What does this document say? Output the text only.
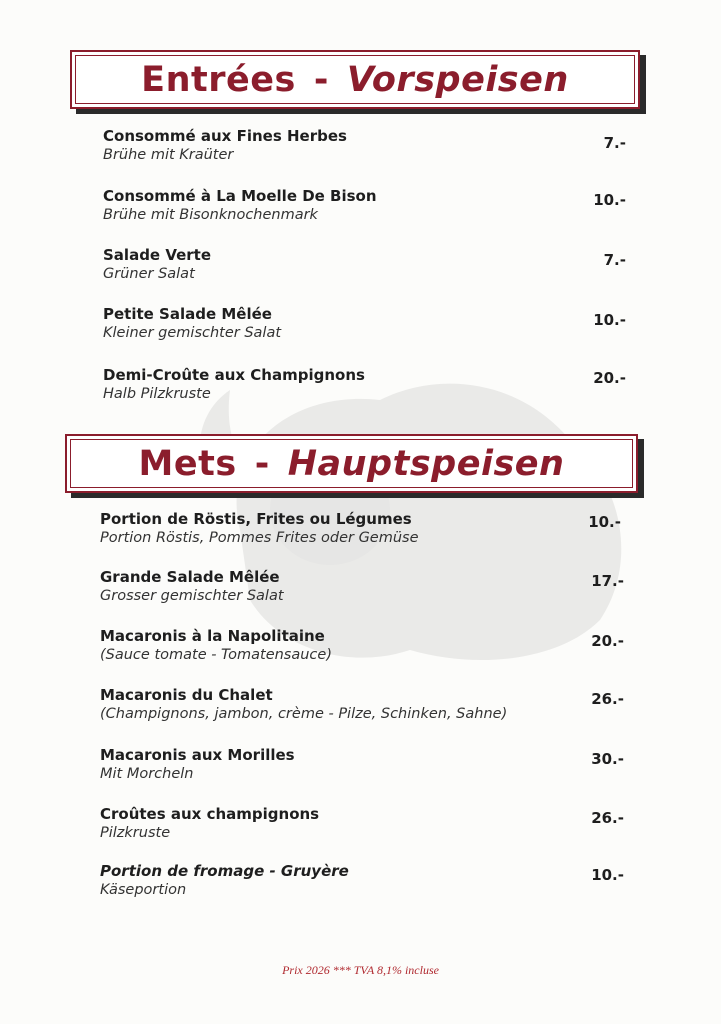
Entrées - Vorspeisen
Consommé aux Fines Herbes
Brühe mit Kraüter
7.-
Consommé à La Moelle De Bison
Brühe mit Bisonknochenmark
10.-
Salade Verte
Grüner Salat
7.-
Petite Salade Mêlée
Kleiner gemischter Salat
10.-
Demi-Croûte aux Champignons
Halb Pilzkruste
20.-
Mets - Hauptspeisen
Portion de Röstis, Frites ou Légumes
Portion Röstis, Pommes Frites oder Gemüse
10.-
Grande Salade Mêlée
Grosser gemischter Salat
17.-
Macaronis à la Napolitaine
(Sauce tomate - Tomatensauce)
20.-
Macaronis du Chalet
(Champignons, jambon, crème - Pilze, Schinken, Sahne)
26.-
Macaronis aux Morilles
Mit Morcheln
30.-
Croûtes aux champignons
Pilzkruste
26.-
Portion de fromage - Gruyère
Käseportion
10.-
Prix 2026 *** TVA 8,1% incluse
